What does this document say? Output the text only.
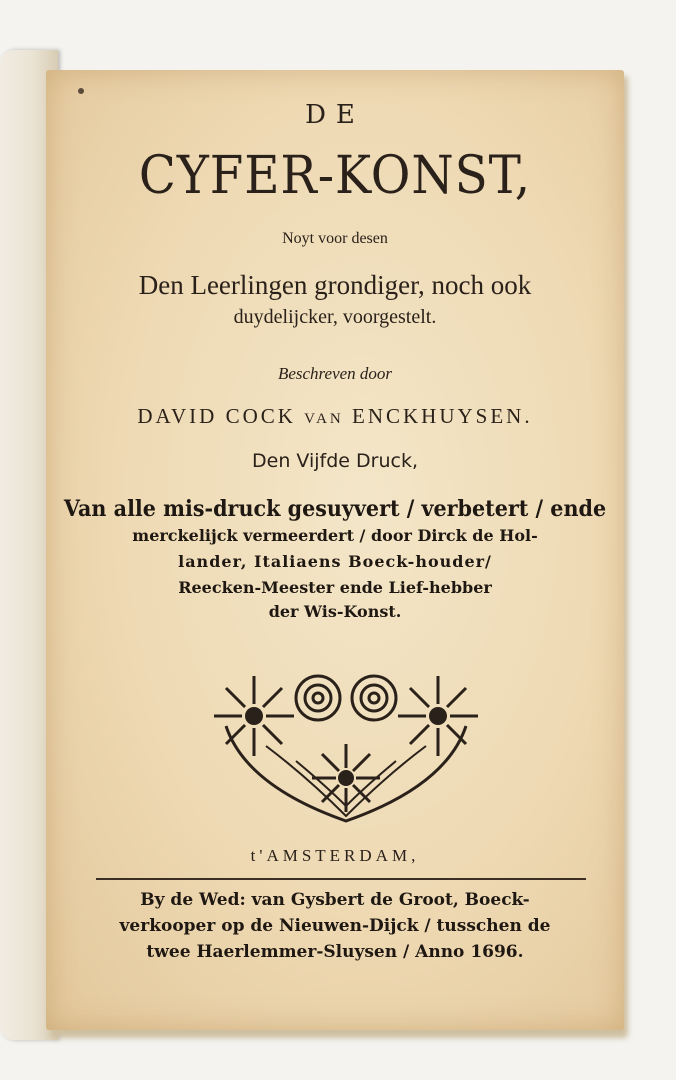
DE
CYFER-KONST,
Noyt voor desen
Den Leerlingen grondiger, noch ook
duydelijcker, voorgestelt.
Beschreven door
DAVID COCK van ENCKHUYSEN.
Den Vijfde Druck,
Van alle mis-druck gesuyvert / verbetert / ende
merckelijck vermeerdert / door Dirck de Hol-
lander, Italiaens Boeck-houder/
Reecken-Meester ende Lief-hebber
der Wis-Konst.
t'AMSTERDAM,
By de Wed: van Gysbert de Groot, Boeck-
verkooper op de Nieuwen-Dijck / tusschen de
twee Haerlemmer-Sluysen / Anno 1696.
